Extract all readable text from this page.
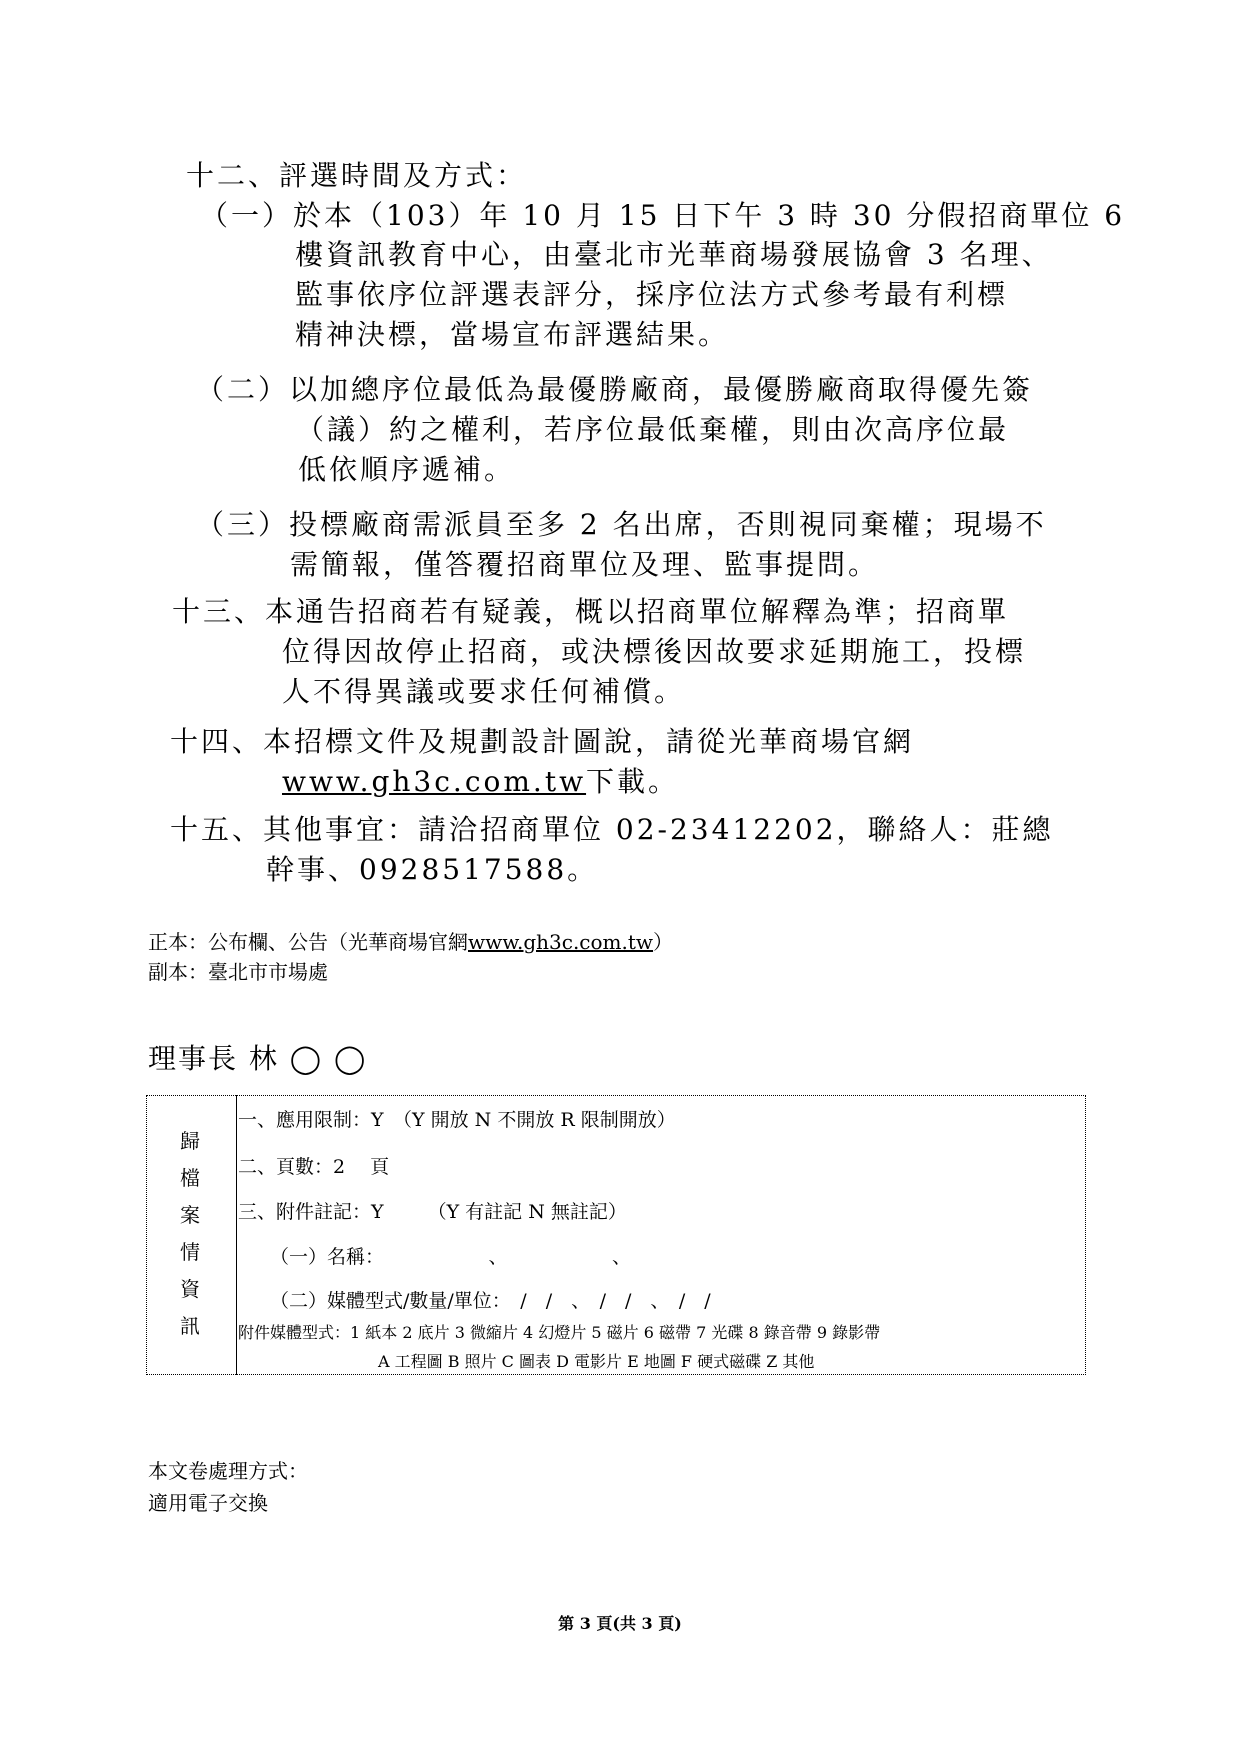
十二、評選時間及方式：
（一）於本（103）年 10 月 15 日下午 3 時 30 分假招商單位 6
樓資訊教育中心，由臺北市光華商場發展協會 3 名理、
監事依序位評選表評分，採序位法方式參考最有利標
精神決標，當場宣布評選結果。
（二）以加總序位最低為最優勝廠商，最優勝廠商取得優先簽
（議）約之權利，若序位最低棄權，則由次高序位最
低依順序遞補。
（三）投標廠商需派員至多 2 名出席，否則視同棄權；現場不
需簡報，僅答覆招商單位及理、監事提問。
十三、本通告招商若有疑義，概以招商單位解釋為準；招商單
位得因故停止招商，或決標後因故要求延期施工，投標
人不得異議或要求任何補償。
十四、本招標文件及規劃設計圖說，請從光華商場官網
www.gh3c.com.tw下載。
十五、其他事宜：請洽招商單位 02-23412202，聯絡人：莊總
幹事、0928517588。
正本：公布欄、公告（光華商場官網www.gh3c.com.tw）
副本：臺北市市場處
理事長 林 ◯ ◯
歸
檔
案
情
資
訊
一、應用限制：Y　（Y 開放 N 不開放 R 限制開放）
二、頁數：2　 頁
三、附件註記：Y　　 （Y 有註記 N 無註記）
（一）名稱：　　　　　　、　　　　　　、
（二）媒體型式/數量/單位：　/　/　、　/　/　、　/　/
附件媒體型式：1 紙本 2 底片 3 微縮片 4 幻燈片 5 磁片 6 磁帶 7 光碟 8 錄音帶 9 錄影帶
A 工程圖 B 照片 C 圖表 D 電影片 E 地圖 F 硬式磁碟 Z 其他
本文卷處理方式：
適用電子交換
第 3 頁(共 3 頁)
